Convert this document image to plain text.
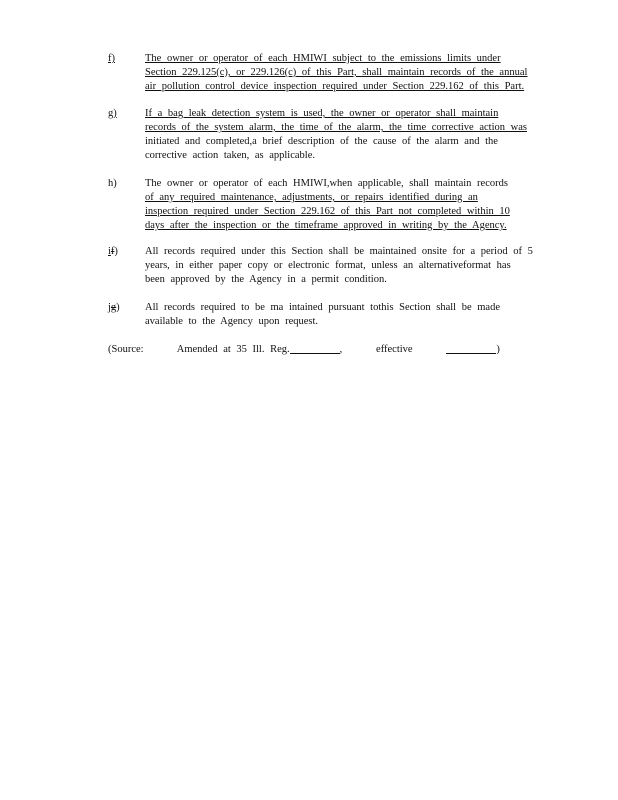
f)	The owner or operator of each HMIWI subject to the emissions limits under
Section 229.125(c), or 229.126(c) of this Part, shall maintain records of the annual
air pollution control device inspection required under Section 229.162 of this Part.
g)	If a bag leak detection system is used, the owner or operator shall maintain
records of the system alarm, the time of the alarm, the time corrective action was
initiated and completed,a brief description of the cause of the alarm and the
corrective action taken, as applicable.
h)	The owner or operator of each HMIWI,when applicable, shall maintain records
of any required maintenance, adjustments, or repairs identified during an
inspection required under Section 229.162 of this Part not completed within 10
days after the inspection or the timeframe approved in writing by the Agency.
if)	All records required under this Section shall be maintained onsite for a period of 5
years, in either paper copy or electronic format, unless an alternativeformat has
been approved by the Agency in a permit condition.
jg)	All records required to be ma intained pursuant tothis Section shall be made
available to the Agency upon request.
(Source:	Amended at 35 Ill. Reg.	,	effective	)
